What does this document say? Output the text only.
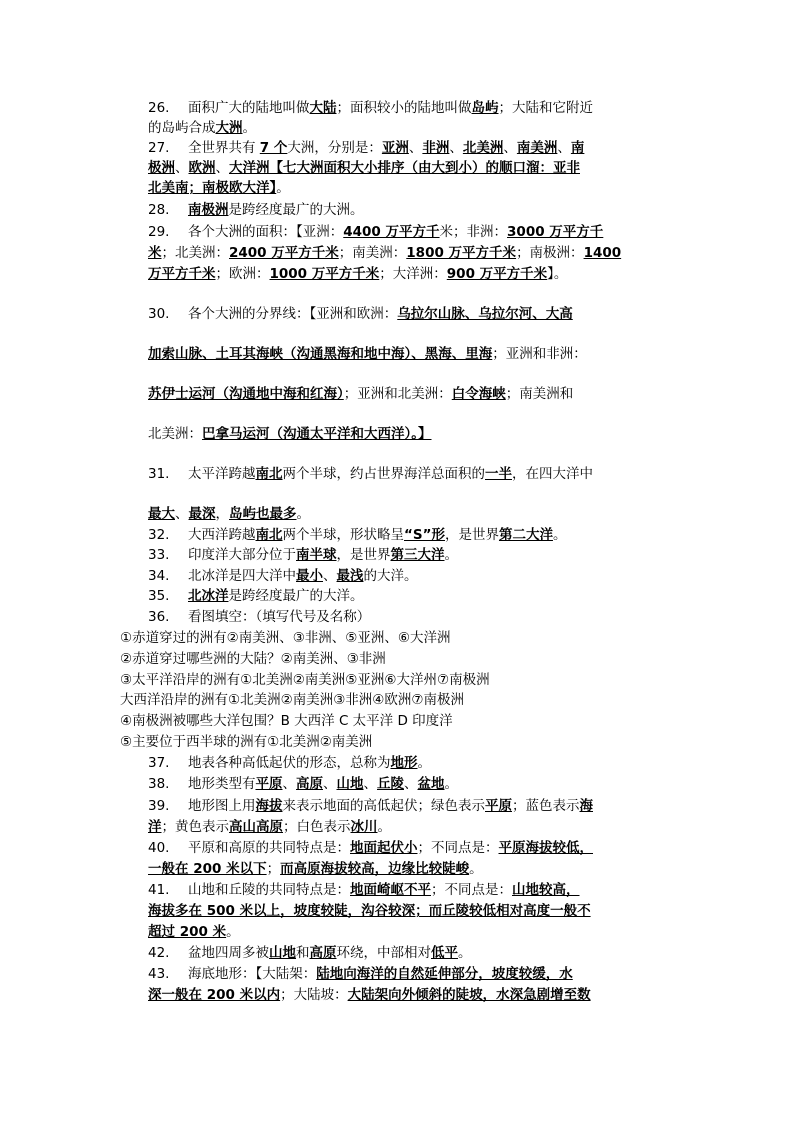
26. 面积广大的陆地叫做大陆；面积较小的陆地叫做岛屿；大陆和它附近
的岛屿合成大洲。
27. 全世界共有 7 个大洲，分别是：亚洲、非洲、北美洲、南美洲、南
极洲、欧洲、大洋洲【七大洲面积大小排序（由大到小）的顺口溜：亚非
北美南；南极欧大洋】。
28. 南极洲是跨经度最广的大洲。
29. 各个大洲的面积：【亚洲：4400 万平方千米；非洲：3000 万平方千
米；北美洲：2400 万平方千米；南美洲：1800 万平方千米；南极洲：1400
万平方千米；欧洲：1000 万平方千米；大洋洲：900 万平方千米】。
30. 各个大洲的分界线：【亚洲和欧洲：乌拉尔山脉、乌拉尔河、大高
加索山脉、土耳其海峡（沟通黑海和地中海）、黑海、里海；亚洲和非洲：
苏伊士运河（沟通地中海和红海）；亚洲和北美洲：白令海峡；南美洲和
北美洲：巴拿马运河（沟通太平洋和大西洋）。】
31. 太平洋跨越南北两个半球，约占世界海洋总面积的一半，在四大洋中
最大、最深，岛屿也最多。
32. 大西洋跨越南北两个半球，形状略呈“S”形，是世界第二大洋。
33. 印度洋大部分位于南半球，是世界第三大洋。
34. 北冰洋是四大洋中最小、最浅的大洋。
35. 北冰洋是跨经度最广的大洋。
36. 看图填空：（填写代号及名称）
①赤道穿过的洲有②南美洲、③非洲、⑤亚洲、⑥大洋洲
②赤道穿过哪些洲的大陆？②南美洲、③非洲
③太平洋沿岸的洲有①北美洲②南美洲⑤亚洲⑥大洋州⑦南极洲
大西洋沿岸的洲有①北美洲②南美洲③非洲④欧洲⑦南极洲
④南极洲被哪些大洋包围？B 大西洋 C 太平洋 D 印度洋
⑤主要位于西半球的洲有①北美洲②南美洲
37. 地表各种高低起伏的形态，总称为地形。
38. 地形类型有平原、高原、山地、丘陵、盆地。
39. 地形图上用海拔来表示地面的高低起伏；绿色表示平原；蓝色表示海
洋；黄色表示高山高原；白色表示冰川。
40. 平原和高原的共同特点是：地面起伏小；不同点是：平原海拔较低，
一般在 200 米以下；而高原海拔较高，边缘比较陡峻。
41. 山地和丘陵的共同特点是：地面崎岖不平；不同点是：山地较高，
海拔多在 500 米以上，坡度较陡，沟谷较深；而丘陵较低相对高度一般不
超过 200 米。
42. 盆地四周多被山地和高原环绕，中部相对低平。
43. 海底地形：【大陆架：陆地向海洋的自然延伸部分，坡度较缓，水
深一般在 200 米以内；大陆坡：大陆架向外倾斜的陡坡，水深急剧增至数
